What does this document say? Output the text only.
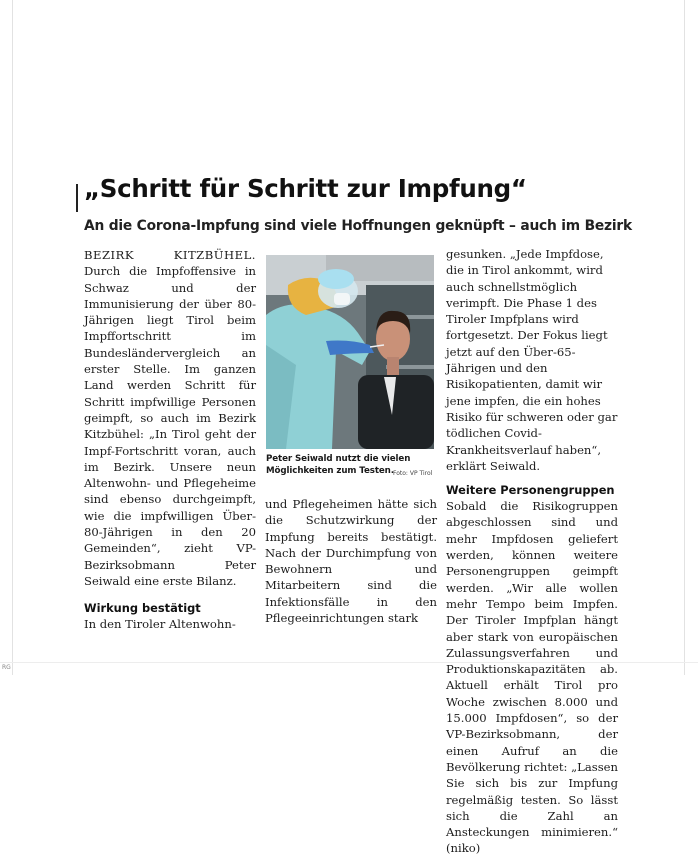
RG
„Schritt für Schritt zur Impfung“
An die Corona-Impfung sind viele Hoffnungen geknüpft – auch im Bezirk

BEZIRK KITZBÜHEL. Durch die Impfoffensive in Schwaz und der Immunisierung der über 80-Jährigen liegt Tirol beim Impffortschritt im Bundesländervergleich an erster Stelle. Im ganzen Land werden Schritt für Schritt impfwillige Personen geimpft, so auch im Bezirk Kitzbühel: „In Tirol geht der Impf-Fortschritt voran, auch im Bezirk. Unsere neun Altenwohn- und Pflegeheime sind ebenso durchgeimpft, wie die impfwilligen Über-80-Jährigen in den 20 Gemeinden“, zieht VP-Bezirksobmann Peter Seiwald eine erste Bilanz.

Wirkung bestätigt

In den Tiroler Altenwohn-

Peter Seiwald nutzt die vielen Möglichkeiten zum Testen. Foto: VP Tirol

und Pflegeheimen hätte sich die Schutzwirkung der Impfung bereits bestätigt. Nach der Durchimpfung von Bewohnern und Mitarbeitern sind die Infektionsfälle in den Pflegeeinrichtungen stark

gesunken. „Jede Impfdose, die in Tirol ankommt, wird auch schnellstmöglich verimpft. Die Phase 1 des Tiroler Impfplans wird fortgesetzt. Der Fokus liegt jetzt auf den Über-65-Jährigen und den Risikopatienten, damit wir jene impfen, die ein hohes Risiko für schweren oder gar tödlichen Covid-Krankheitsverlauf haben“, erklärt Seiwald.

Weitere Personengruppen

Sobald die Risikogruppen abgeschlossen sind und mehr Impfdosen geliefert werden, können weitere Personengruppen geimpft werden. „Wir alle wollen mehr Tempo beim Impfen. Der Tiroler Impfplan hängt aber stark von europäischen Zulassungsverfahren und Produktionskapazitäten ab. Aktuell erhält Tirol pro Woche zwischen 8.000 und 15.000 Impfdosen“, so der VP-Bezirksobmann, der einen Aufruf an die Bevölkerung richtet: „Lassen Sie sich bis zur Impfung regelmäßig testen. So lässt sich die Zahl an Ansteckungen minimieren.“ (niko)
